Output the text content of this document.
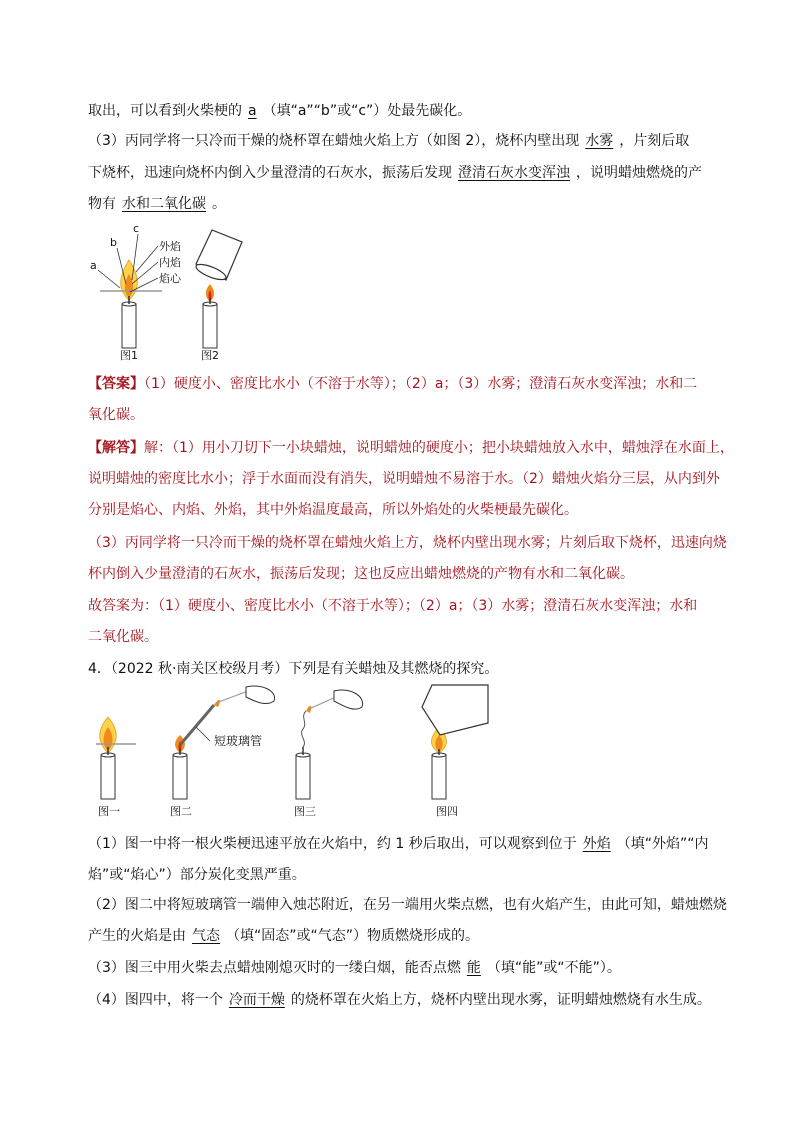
取出，可以看到火柴梗的 a （填“a”“b”或“c”）处最先碳化。
（3）丙同学将一只冷而干燥的烧杯罩在蜡烛火焰上方（如图 2），烧杯内壁出现 水雾 ，片刻后取
下烧杯，迅速向烧杯内倒入少量澄清的石灰水，振荡后发现 澄清石灰水变浑浊 ，说明蜡烛燃烧的产
物有 水和二氧化碳 。
a
b
c
外焰
内焰
焰心
图1	图2
【答案】（1）硬度小、密度比水小（不溶于水等）；（2）a；（3）水雾；澄清石灰水变浑浊；水和二
氧化碳。
【解答】解：（1）用小刀切下一小块蜡烛，说明蜡烛的硬度小；把小块蜡烛放入水中，蜡烛浮在水面上，
说明蜡烛的密度比水小；浮于水面而没有消失，说明蜡烛不易溶于水。（2）蜡烛火焰分三层，从内到外
分别是焰心、内焰、外焰，其中外焰温度最高，所以外焰处的火柴梗最先碳化。
（3）丙同学将一只冷而干燥的烧杯罩在蜡烛火焰上方，烧杯内壁出现水雾；片刻后取下烧杯，迅速向烧
杯内倒入少量澄清的石灰水，振荡后发现；这也反应出蜡烛燃烧的产物有水和二氧化碳。
故答案为：（1）硬度小、密度比水小（不溶于水等）；（2）a；（3）水雾；澄清石灰水变浑浊；水和
二氧化碳。
4．（2022 秋·南关区校级月考）下列是有关蜡烛及其燃烧的探究。
图一
短玻璃管
图二	图三	图四
（1）图一中将一根火柴梗迅速平放在火焰中，约 1 秒后取出，可以观察到位于 外焰 （填“外焰”“内
焰”或“焰心”）部分炭化变黑严重。
（2）图二中将短玻璃管一端伸入烛芯附近，在另一端用火柴点燃，也有火焰产生，由此可知，蜡烛燃烧
产生的火焰是由 气态 （填“固态”或“气态”）物质燃烧形成的。
（3）图三中用火柴去点蜡烛刚熄灭时的一缕白烟，能否点燃 能 （填“能”或“不能”）。
（4）图四中，将一个 冷而干燥 的烧杯罩在火焰上方，烧杯内壁出现水雾，证明蜡烛燃烧有水生成。
